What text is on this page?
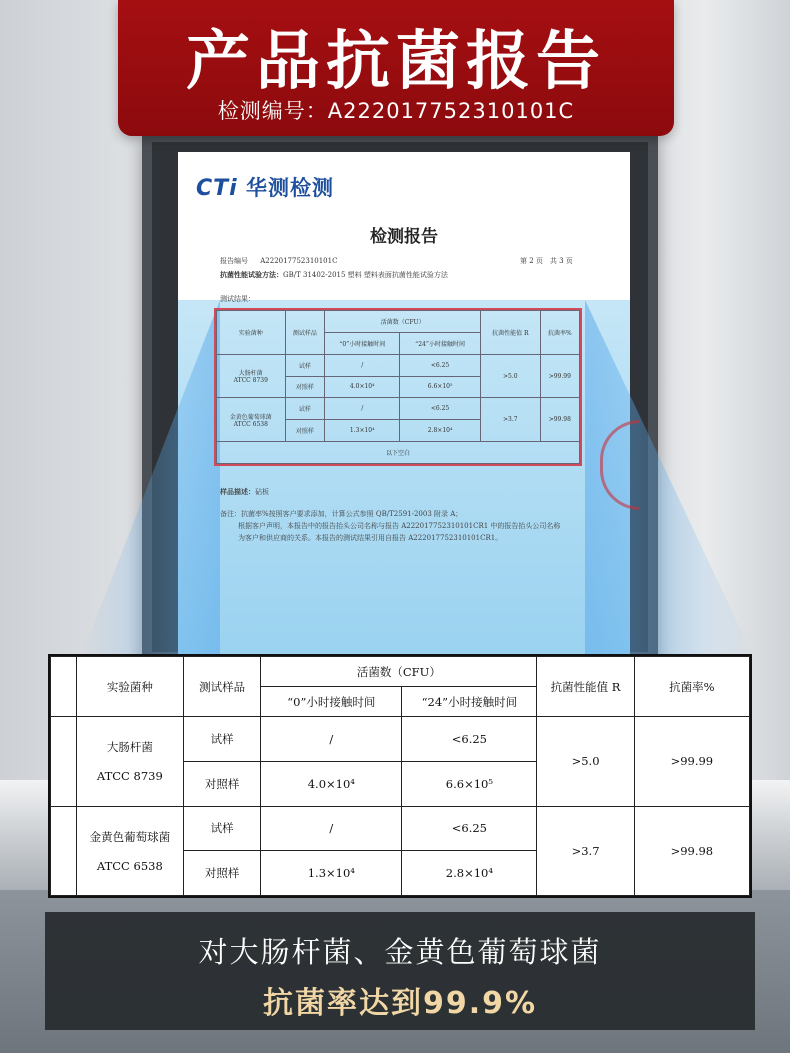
产品抗菌报告
检测编号：A222017752310101C
CTi 华测检测
检测报告
报告编号 A222017752310101C	第 2 页　共 3 页
抗菌性能试验方法：GB/T 31402-2015 塑料 塑料表面抗菌性能试验方法
测试结果：
实验菌种	测试样品	活菌数（CFU）		抗菌性能值 R	抗菌率%
		“0”小时接触时间	“24”小时接触时间		
大肠杆菌
ATCC 8739	试样	/	<6.25	>5.0	>99.99
	对照样	4.0×10⁴	6.6×10⁵		
金黄色葡萄球菌
ATCC 6538	试样	/	<6.25	>3.7	>99.98
	对照样	1.3×10⁴	2.8×10⁴		
以下空白					
样品描述：砧板
备注：抗菌率%按照客户要求添加，计算公式参照 QB/T2591-2003 附录 A；
根据客户声明，本报告中的报告抬头公司名称与报告 A222017752310101CR1 中的报告抬头公司名称
为客户和供应商的关系。本报告的测试结果引用自报告 A222017752310101CR1。
	实验菌种	测试样品	活菌数（CFU）		抗菌性能值 R	抗菌率%
			“0”小时接触时间	“24”小时接触时间		
	大肠杆菌

ATCC 8739	试样	/	<6.25	>5.0	>99.99
		对照样	4.0×10⁴	6.6×10⁵		
	金黄色葡萄球菌

ATCC 6538	试样	/	<6.25	>3.7	>99.98
		对照样	1.3×10⁴	2.8×10⁴		
对大肠杆菌、金黄色葡萄球菌
抗菌率达到99.9%
